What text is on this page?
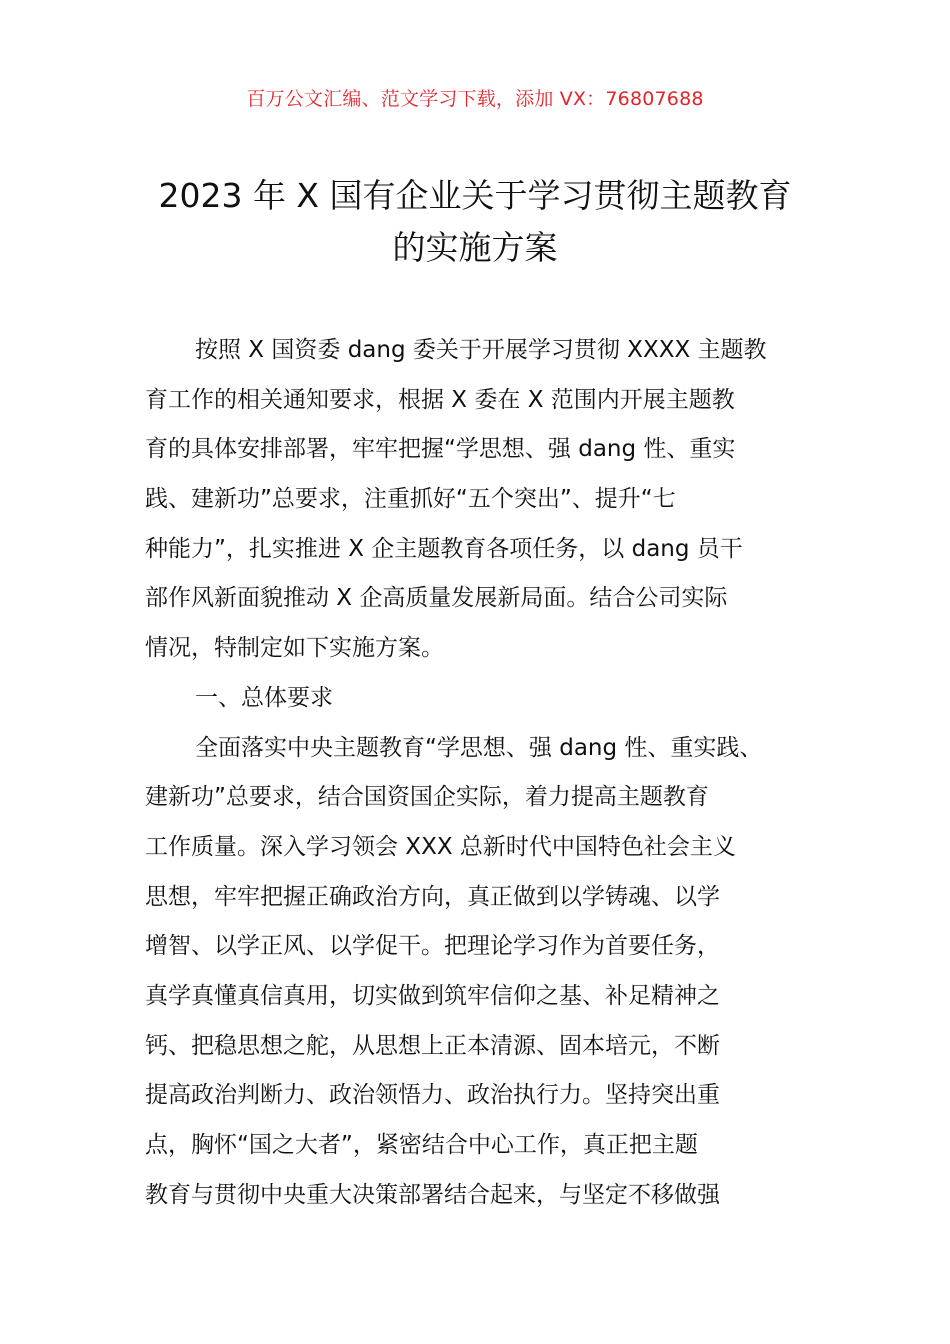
百万公文汇编、范文学习下载，添加 VX：76807688
2023 年 X 国有企业关于学习贯彻主题教育
的实施方案
按照 X 国资委 dang 委关于开展学习贯彻 XXXX 主题教
育工作的相关通知要求，根据 X 委在 X 范围内开展主题教
育的具体安排部署，牢牢把握“学思想、强 dang 性、重实
践、建新功”总要求，注重抓好“五个突出”、提升“七
种能力”，扎实推进 X 企主题教育各项任务，以 dang 员干
部作风新面貌推动 X 企高质量发展新局面。结合公司实际
情况，特制定如下实施方案。
一、总体要求
全面落实中央主题教育“学思想、强 dang 性、重实践、
建新功”总要求，结合国资国企实际，着力提高主题教育
工作质量。深入学习领会 XXX 总新时代中国特色社会主义
思想，牢牢把握正确政治方向，真正做到以学铸魂、以学
增智、以学正风、以学促干。把理论学习作为首要任务，
真学真懂真信真用，切实做到筑牢信仰之基、补足精神之
钙、把稳思想之舵，从思想上正本清源、固本培元，不断
提高政治判断力、政治领悟力、政治执行力。坚持突出重
点，胸怀“国之大者”，紧密结合中心工作，真正把主题
教育与贯彻中央重大决策部署结合起来，与坚定不移做强
